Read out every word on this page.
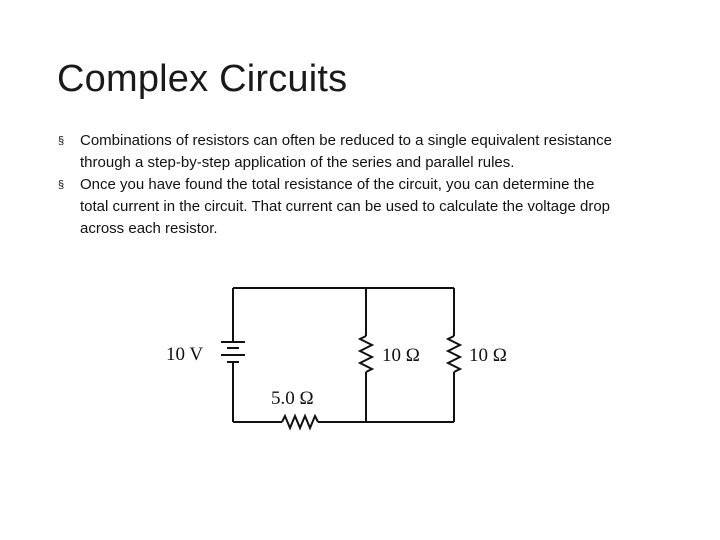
Complex Circuits
§ Combinations of resistors can often be reduced to a single equivalent resistance through a step-by-step application of the series and parallel rules.
§ Once you have found the total resistance of the circuit, you can determine the total current in the circuit. That current can be used to calculate the voltage drop across each resistor.
10 V	10 Ω	10 Ω
5.0 Ω
